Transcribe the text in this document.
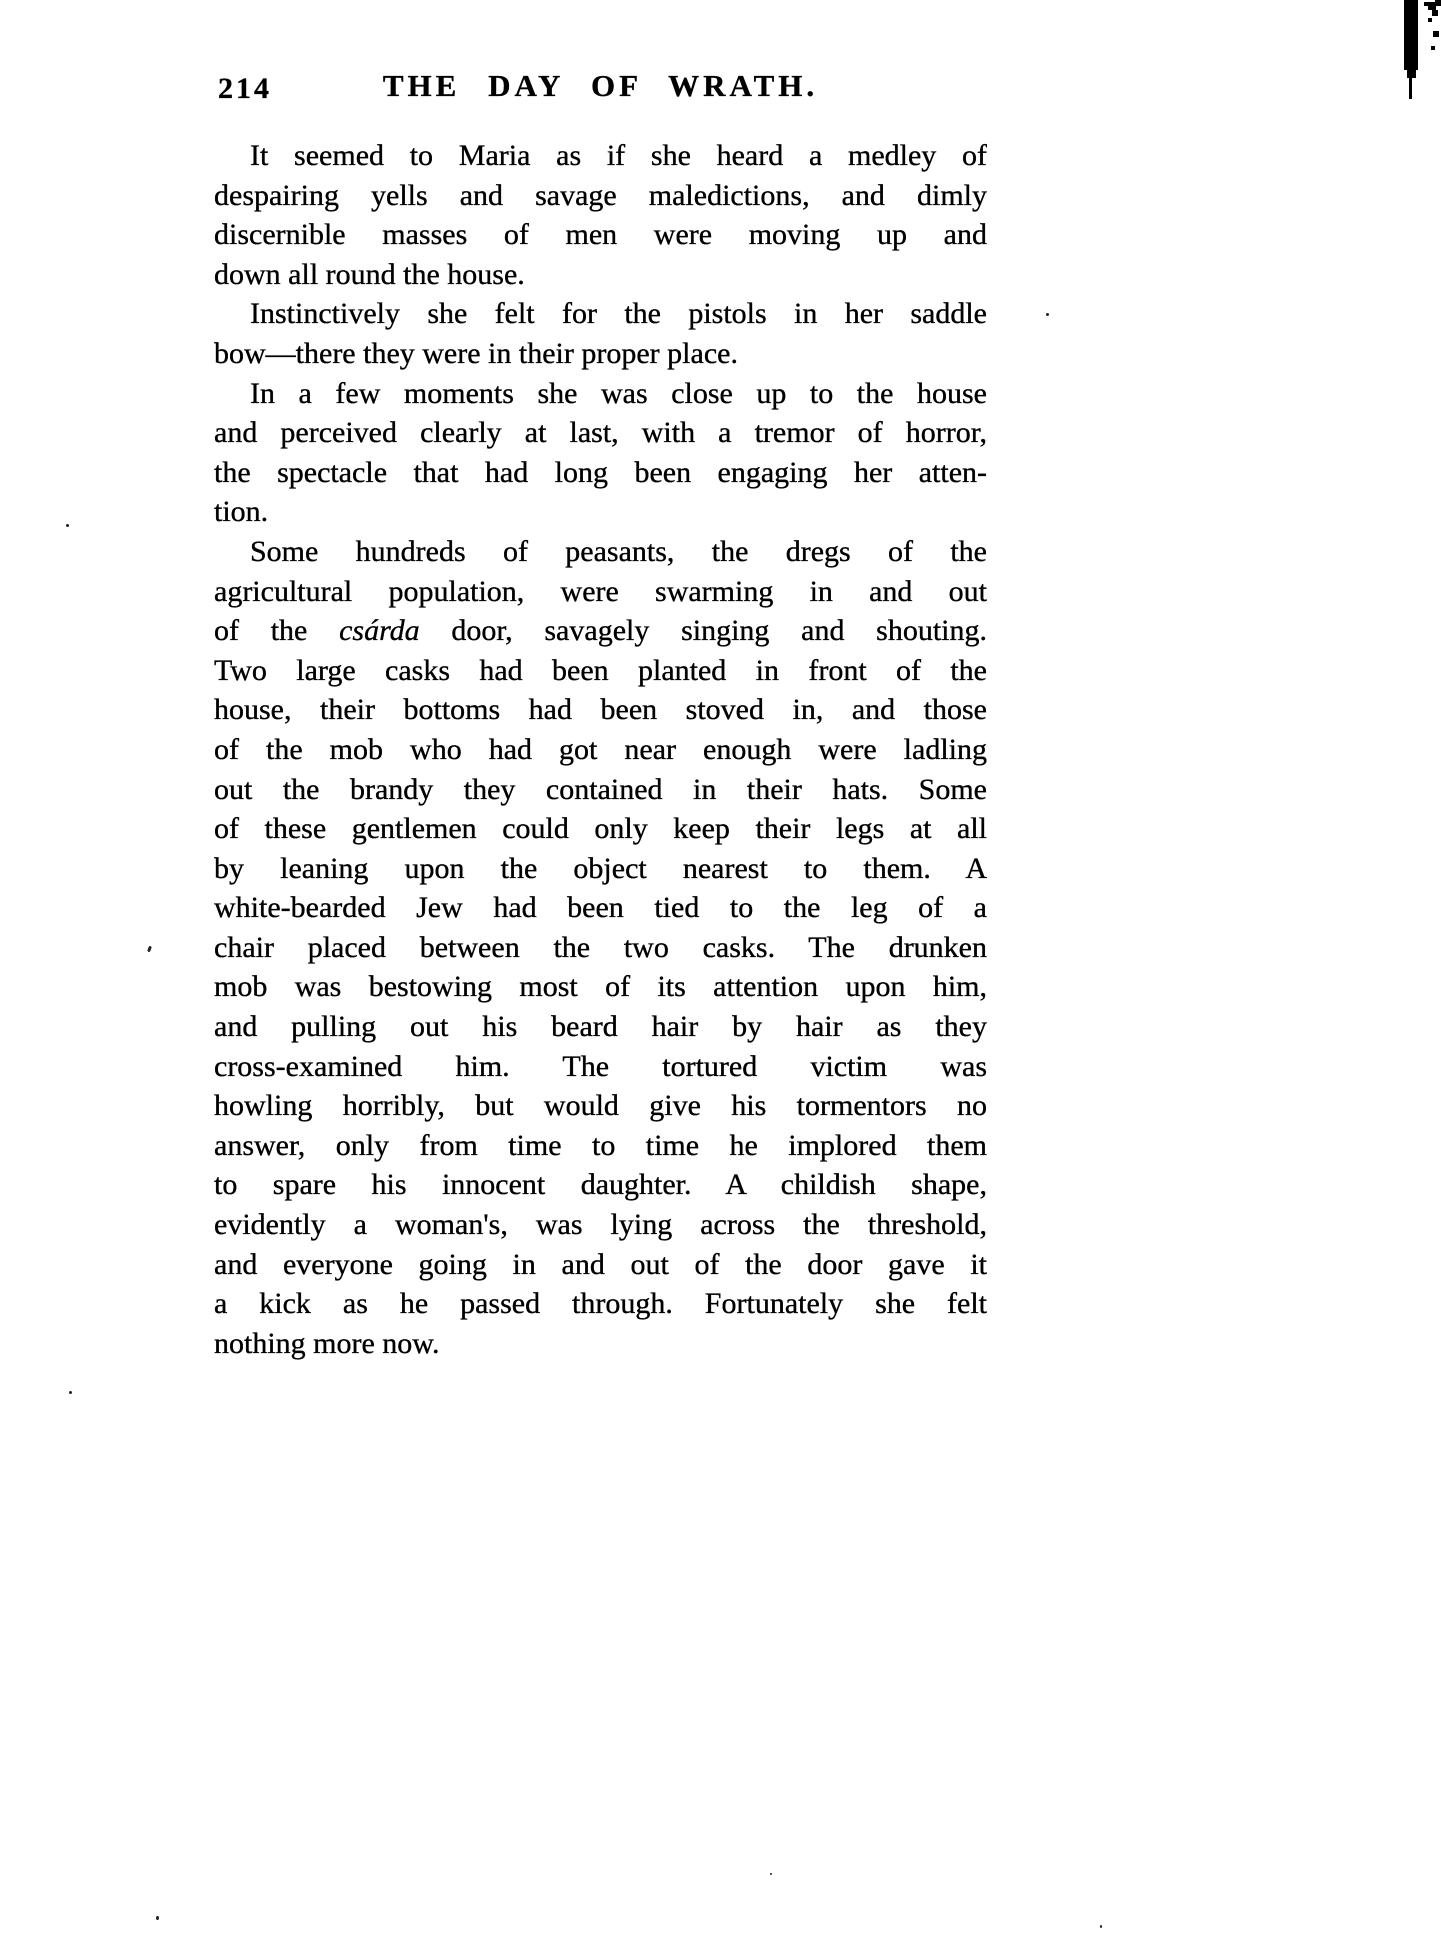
214	THE DAY OF WRATH.
It seemed to Maria as if she heard a medley of
despairing yells and savage maledictions, and dimly
discernible masses of men were moving up and
down all round the house.
Instinctively she felt for the pistols in her saddle
bow—there they were in their proper place.
In a few moments she was close up to the house
and perceived clearly at last, with a tremor of horror,
the spectacle that had long been engaging her atten-
tion.
Some hundreds of peasants, the dregs of the
agricultural population, were swarming in and out
of the csárda door, savagely singing and shouting.
Two large casks had been planted in front of the
house, their bottoms had been stoved in, and those
of the mob who had got near enough were ladling
out the brandy they contained in their hats. Some
of these gentlemen could only keep their legs at all
by leaning upon the object nearest to them. A
white-bearded Jew had been tied to the leg of a
chair placed between the two casks. The drunken
mob was bestowing most of its attention upon him,
and pulling out his beard hair by hair as they
cross-examined him. The tortured victim was
howling horribly, but would give his tormentors no
answer, only from time to time he implored them
to spare his innocent daughter. A childish shape,
evidently a woman's, was lying across the threshold,
and everyone going in and out of the door gave it
a kick as he passed through. Fortunately she felt
nothing more now.
